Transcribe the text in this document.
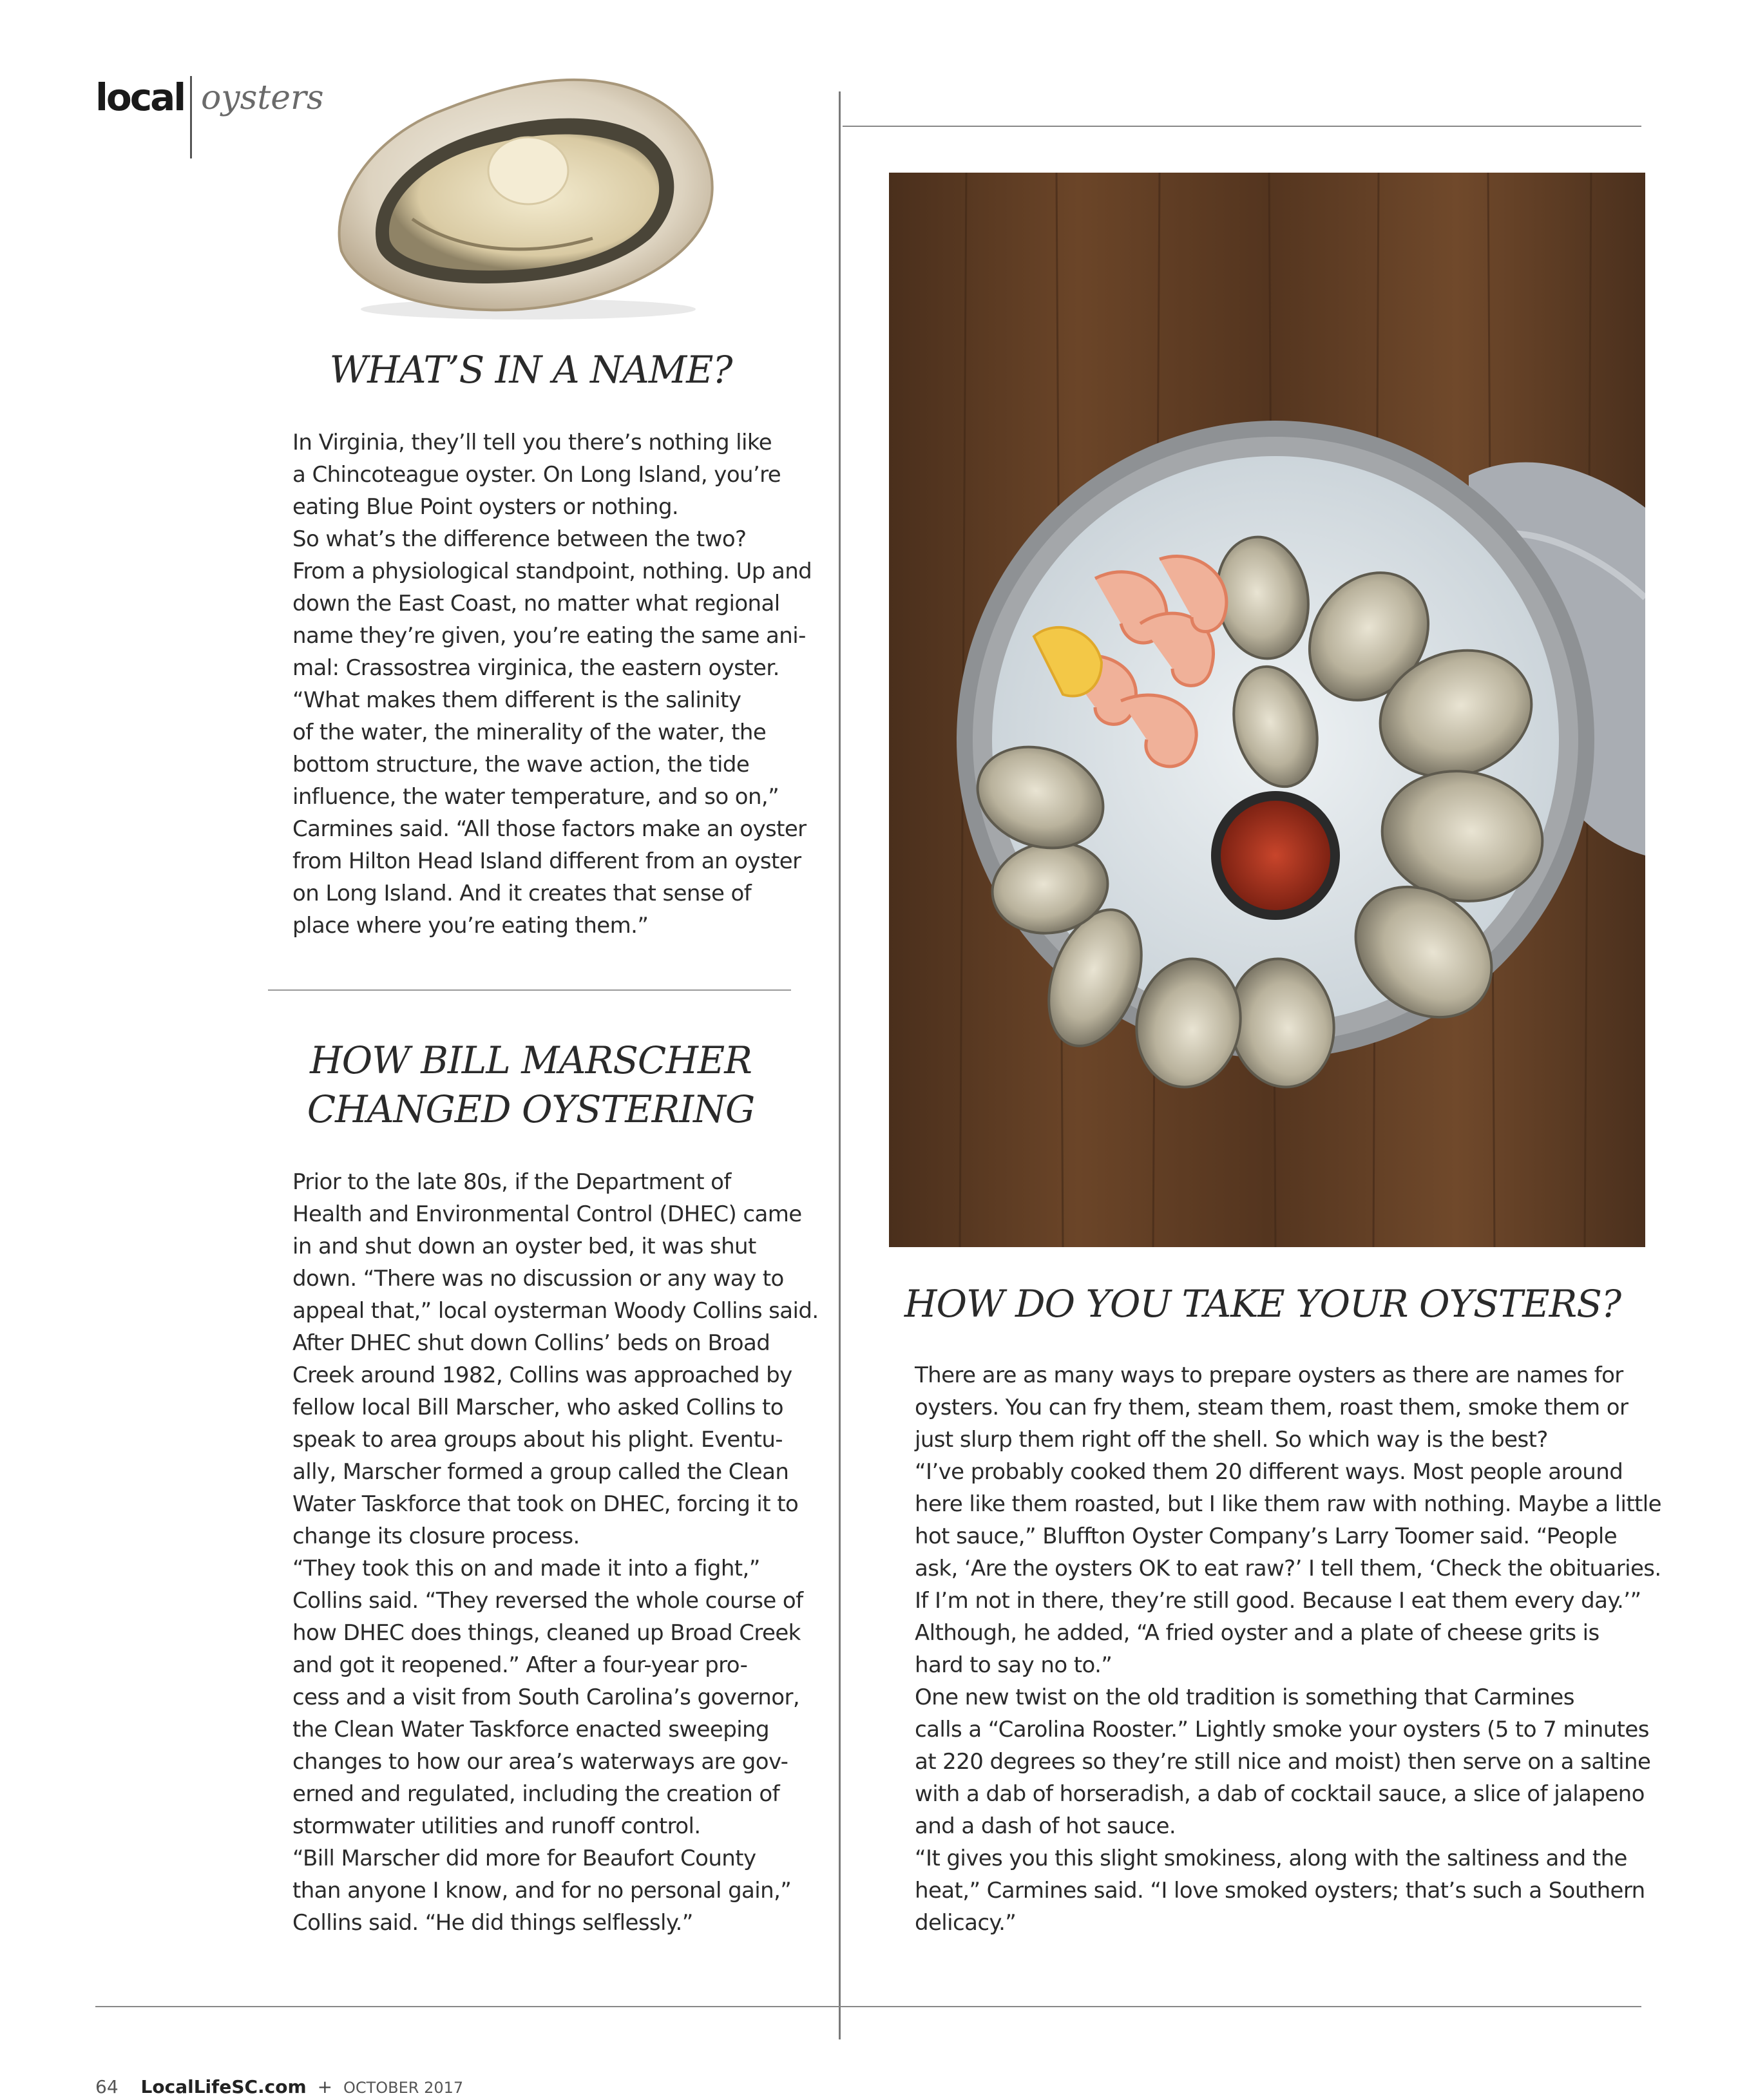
local oysters
WHAT’S IN A NAME?

In Virginia, they’ll tell you there’s nothing like
a Chincoteague oyster. On Long Island, you’re
eating Blue Point oysters or nothing.

So what’s the difference between the two?
From a physiological standpoint, nothing. Up and
down the East Coast, no matter what regional
name they’re given, you’re eating the same ani-
mal: Crassostrea virginica, the eastern oyster.

“What makes them different is the salinity
of the water, the minerality of the water, the
bottom structure, the wave action, the tide
influence, the water temperature, and so on,”
Carmines said. “All those factors make an oyster
from Hilton Head Island different from an oyster
on Long Island. And it creates that sense of
place where you’re eating them.”

HOW BILL MARSCHER
CHANGED OYSTERING

Prior to the late 80s, if the Department of
Health and Environmental Control (DHEC) came
in and shut down an oyster bed, it was shut
down. “There was no discussion or any way to
appeal that,” local oysterman Woody Collins said.

After DHEC shut down Collins’ beds on Broad
Creek around 1982, Collins was approached by
fellow local Bill Marscher, who asked Collins to
speak to area groups about his plight. Eventu-
ally, Marscher formed a group called the Clean
Water Taskforce that took on DHEC, forcing it to
change its closure process.

“They took this on and made it into a fight,”
Collins said. “They reversed the whole course of
how DHEC does things, cleaned up Broad Creek
and got it reopened.” After a four-year pro-
cess and a visit from South Carolina’s governor,
the Clean Water Taskforce enacted sweeping
changes to how our area’s waterways are gov-
erned and regulated, including the creation of
stormwater utilities and runoff control.

“Bill Marscher did more for Beaufort County
than anyone I know, and for no personal gain,”
Collins said. “He did things selflessly.”

HOW DO YOU TAKE YOUR OYSTERS?

There are as many ways to prepare oysters as there are names for
oysters. You can fry them, steam them, roast them, smoke them or
just slurp them right off the shell. So which way is the best?

“I’ve probably cooked them 20 different ways. Most people around
here like them roasted, but I like them raw with nothing. Maybe a little
hot sauce,” Bluffton Oyster Company’s Larry Toomer said. “People
ask, ‘Are the oysters OK to eat raw?’ I tell them, ‘Check the obituaries.
If I’m not in there, they’re still good. Because I eat them every day.’”

Although, he added, “A fried oyster and a plate of cheese grits is
hard to say no to.”

One new twist on the old tradition is something that Carmines
calls a “Carolina Rooster.” Lightly smoke your oysters (5 to 7 minutes
at 220 degrees so they’re still nice and moist) then serve on a saltine
with a dab of horseradish, a dab of cocktail sauce, a slice of jalapeno
and a dash of hot sauce.

“It gives you this slight smokiness, along with the saltiness and the
heat,” Carmines said. “I love smoked oysters; that’s such a Southern
delicacy.”

64 LocalLifeSC.com + OCTOBER 2017
